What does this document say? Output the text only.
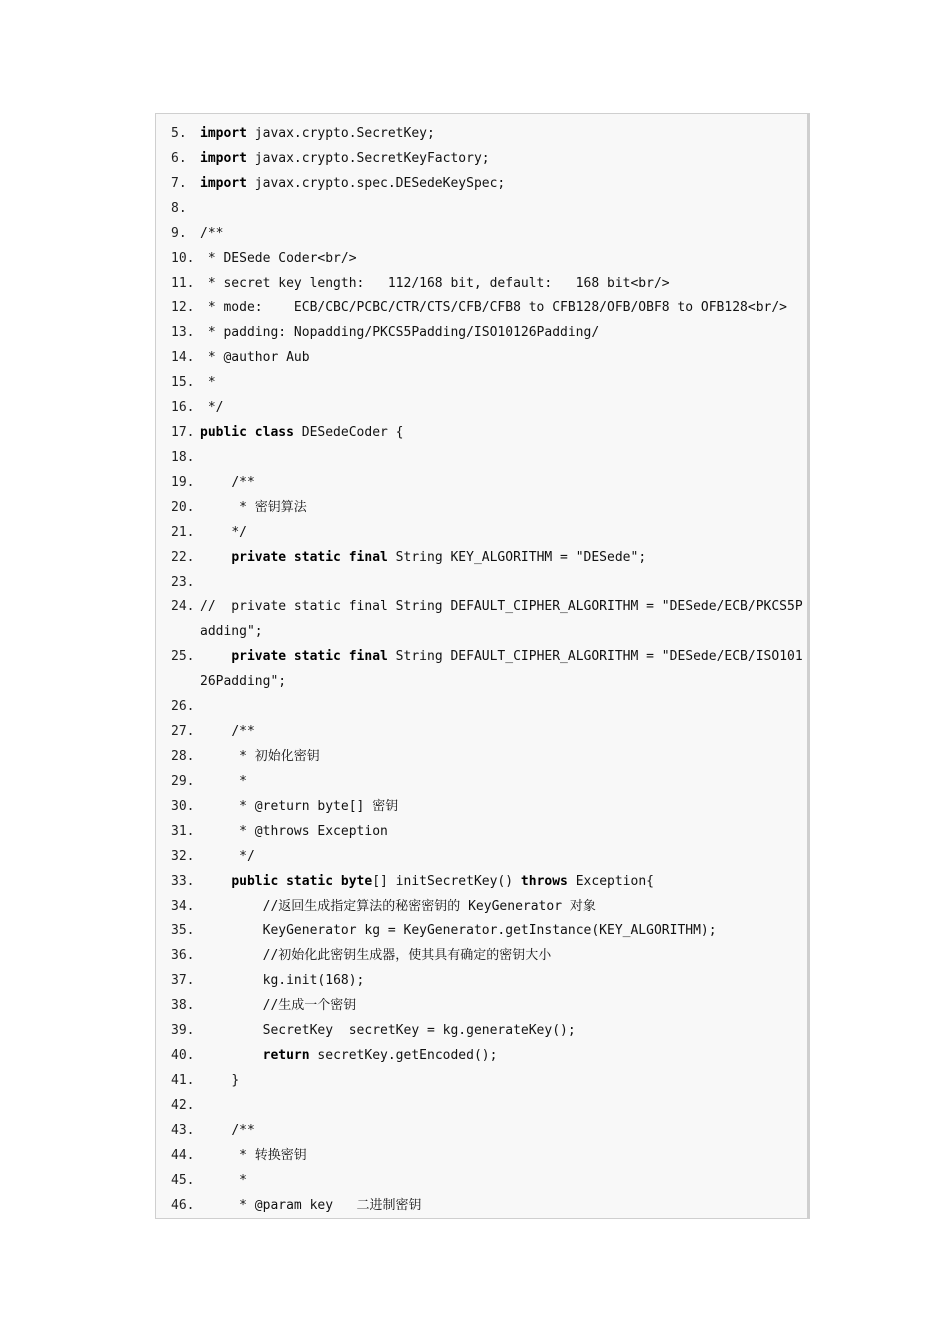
5.	import javax.crypto.SecretKey;
6.	import javax.crypto.SecretKeyFactory;
7.	import javax.crypto.spec.DESedeKeySpec;
8.
9.	/**
10. * DESede Coder<br/>
11. * secret key length:   112/168 bit, default:   168 bit<br/>
12. * mode:    ECB/CBC/PCBC/CTR/CTS/CFB/CFB8 to CFB128/OFB/OBF8 to OFB128<br/>
13. * padding: Nopadding/PKCS5Padding/ISO10126Padding/
14. * @author Aub
15. *
16. */
17. public class DESedeCoder {
18.
19. /**
20. * 密钥算法
21. */
22.	private static final String KEY_ALGORITHM = "DESede";
23.
24. //  private static final String DEFAULT_CIPHER_ALGORITHM = "DESede/ECB/PKCS5Padding";
25.	private static final String DEFAULT_CIPHER_ALGORITHM = "DESede/ECB/ISO10126Padding";
26.
27. /**
28. * 初始化密钥
29. *
30. * @return byte[] 密钥
31. * @throws Exception
32. */
33.	public static byte[] initSecretKey() throws Exception{
34. //返回生成指定算法的秘密密钥的 KeyGenerator 对象
35. KeyGenerator kg = KeyGenerator.getInstance(KEY_ALGORITHM);
36. //初始化此密钥生成器，使其具有确定的密钥大小
37. kg.init(168);
38. //生成一个密钥
39. SecretKey  secretKey = kg.generateKey();
40.	return secretKey.getEncoded();
41. }
42.
43. /**
44. * 转换密钥
45. *
46. * @param key   二进制密钥
